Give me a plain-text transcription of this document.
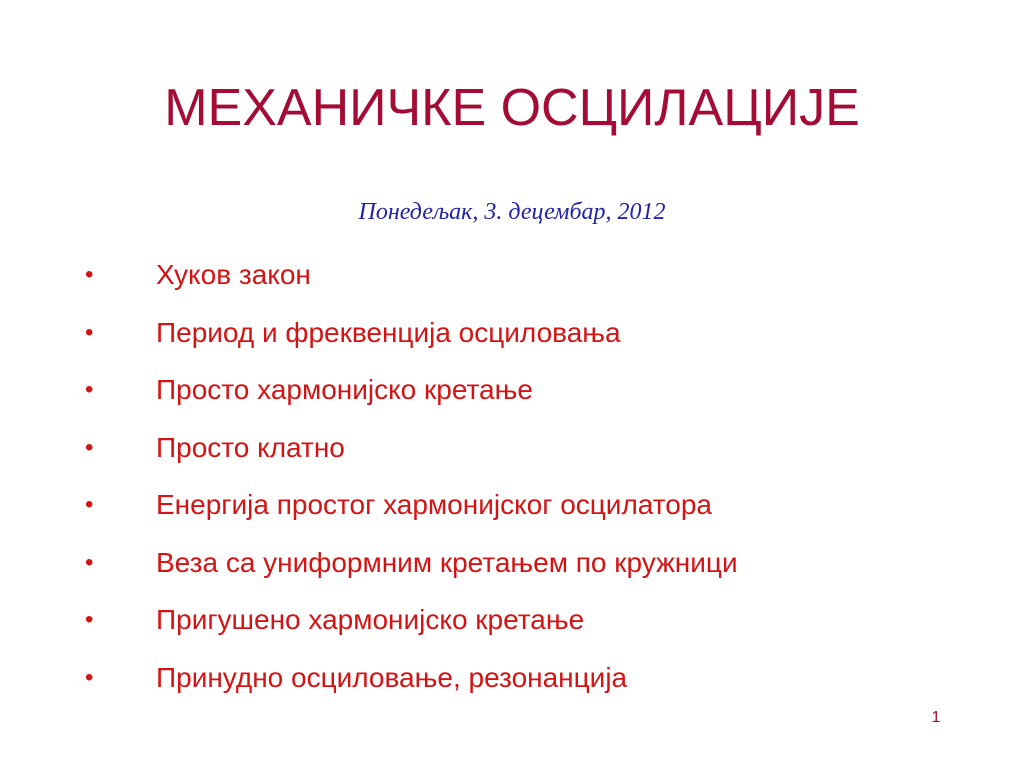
МЕХАНИЧКЕ ОСЦИЛАЦИЈЕ
Понедељак, 3. децембар, 2012
• Хуков закон
• Период и фреквенција осциловања
• Просто хармонијско кретање
• Просто клатно
• Енергија простог хармонијског осцилатора
• Веза са униформним кретањем по кружници
• Пригушено хармонијско кретање
• Принудно осциловање, резонанција
1
